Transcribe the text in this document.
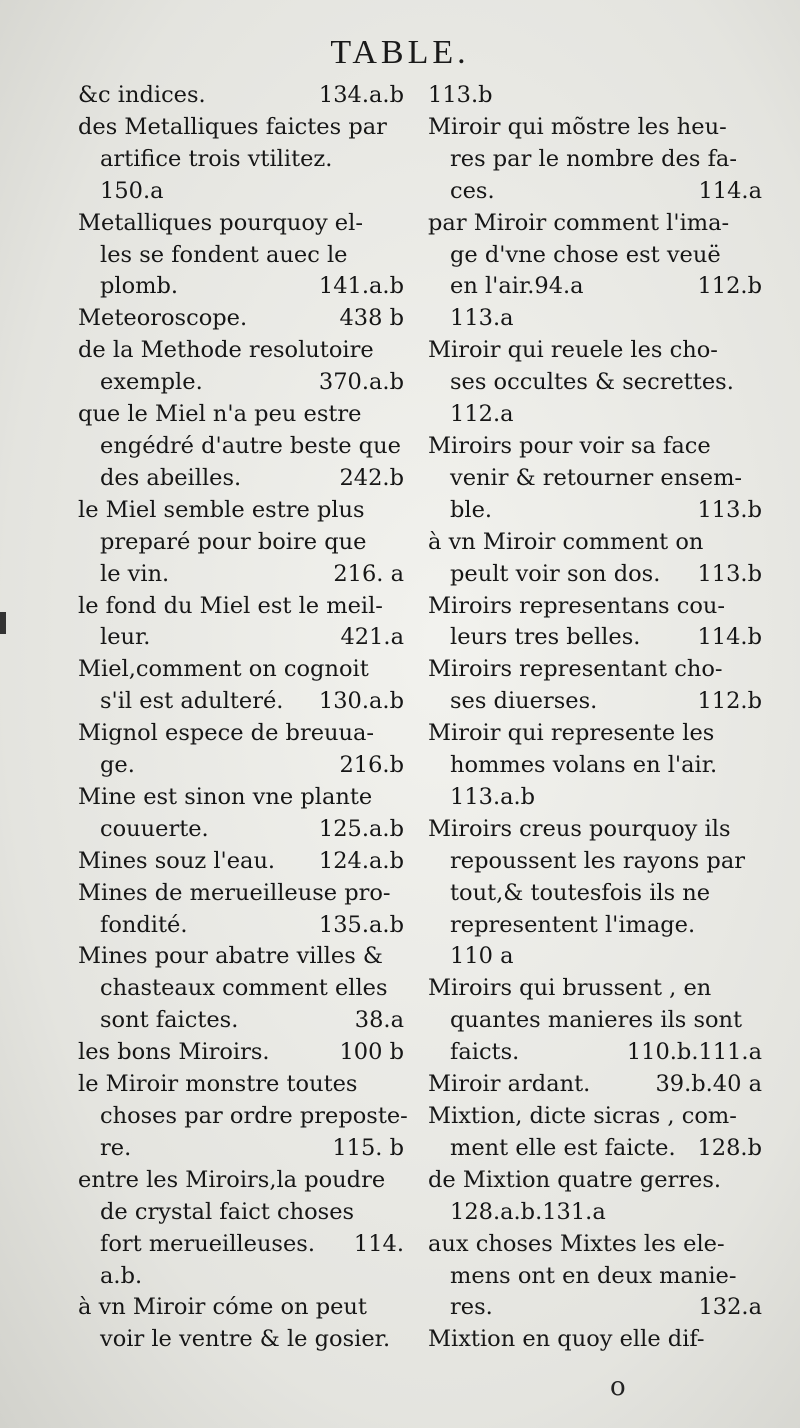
TABLE.
&c indices.	134.a.b
des Metalliques faictes par
artifice trois vtilitez.
150.a
Metalliques pourquoy el-
les se fondent auec le
plomb.	141.a.b
Meteoroscope.	438 b
de la Methode resolutoire
exemple.	370.a.b
que le Miel n'a peu estre
engédré d'autre beste que
des abeilles.	242.b
le Miel semble estre plus
preparé pour boire que
le vin.	216. a
le fond du Miel est le meil-
leur.	421.a
Miel,comment on cognoit
s'il est adulteré. 130.a.b
Mignol espece de breuua-
ge.	216.b
Mine est sinon vne plante
couuerte.	125.a.b
Mines souz l'eau. 124.a.b
Mines de merueilleuse pro-
fondité.	135.a.b
Mines pour abatre villes &
chasteaux comment elles
sont faictes.	38.a
les bons Miroirs.	100 b
le Miroir monstre toutes
choses par ordre preposte-
re.	115. b
entre les Miroirs,la poudre
de crystal faict choses
fort merueilleuses. 114.
a.b.
à vn Miroir cóme on peut
voir le ventre & le gosier.
113.b
Miroir qui mõstre les heu-
res par le nombre des fa-
ces.	114.a
par Miroir comment l'ima-
ge d'vne chose est veuë
en l'air.94.a	112.b
113.a
Miroir qui reuele les cho-
ses occultes & secrettes.
112.a
Miroirs pour voir sa face
venir & retourner ensem-
ble.	113.b
à vn Miroir comment on
peult voir son dos. 113.b
Miroirs representans cou-
leurs tres belles.	114.b
Miroirs representant cho-
ses diuerses.	112.b
Miroir qui represente les
hommes volans en l'air.
113.a.b
Miroirs creus pourquoy ils
repoussent les rayons par
tout,& toutesfois ils ne
representent l'image.
110 a
Miroirs qui brussent , en
quantes manieres ils sont
faicts.	110.b.111.a
Miroir ardant.	39.b.40 a
Mixtion, dicte sicras , com-
ment elle est faicte. 128.b
de Mixtion quatre gerres.
128.a.b.131.a
aux choses Mixtes les ele-
mens ont en deux manie-
res.	132.a
Mixtion en quoy elle dif-
o
